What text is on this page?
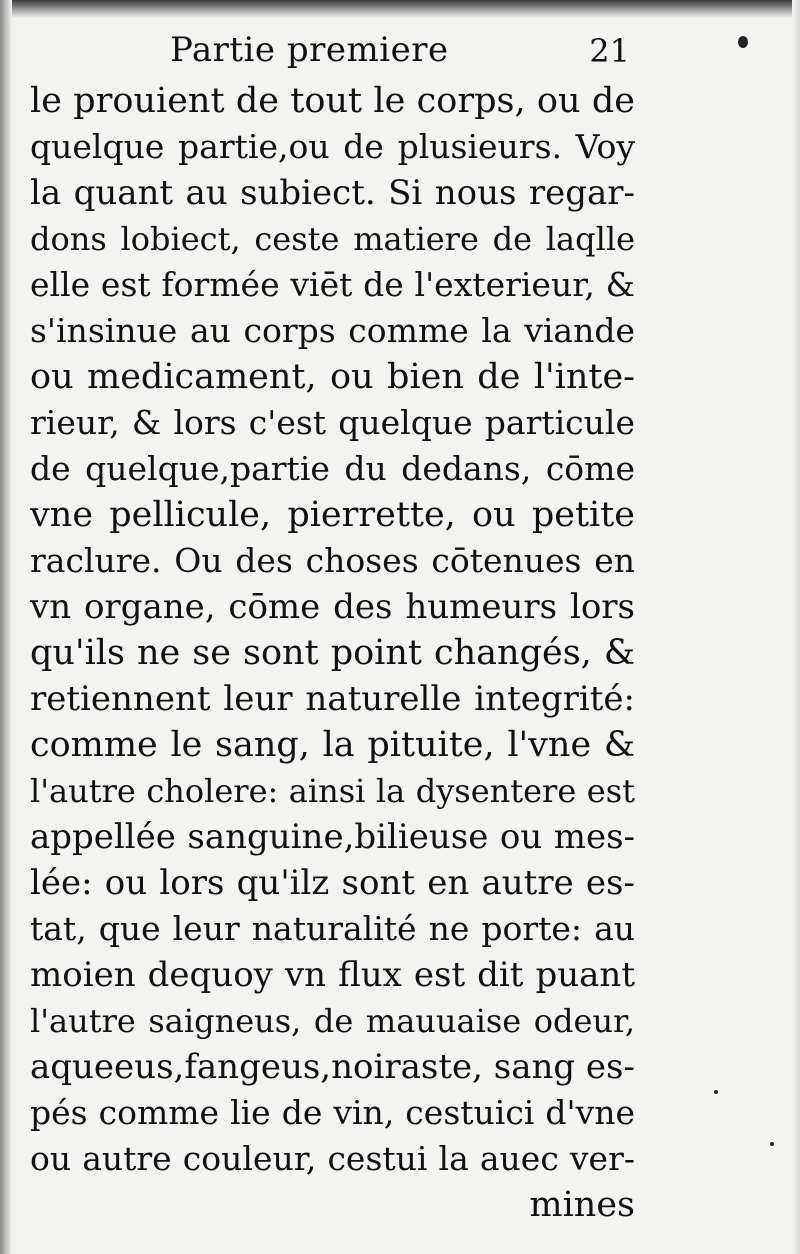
Partie premiere	21
le prouient de tout le corps, ou de
quelque partie,ou de plusieurs. Voy
la quant au subiect. Si nous regar-
dons lobiect, ceste matiere de laqlle
elle est formée viēt de l'exterieur, &
s'insinue au corps comme la viande
ou medicament, ou bien de l'inte-
rieur, & lors c'est quelque particule
de quelque,partie du dedans, cōme
vne pellicule, pierrette, ou petite
raclure. Ou des choses cōtenues en
vn organe, cōme des humeurs lors
qu'ils ne se sont point changés, &
retiennent leur naturelle integrité:
comme le sang, la pituite, l'vne &
l'autre cholere: ainsi la dysentere est
appellée sanguine,bilieuse ou mes-
lée: ou lors qu'ilz sont en autre es-
tat, que leur naturalité ne porte: au
moien dequoy vn flux est dit puant
l'autre saigneus, de mauuaise odeur,
aqueeus,fangeus,noiraste, sang es-
pés comme lie de vin, cestuici d'vne
ou autre couleur, cestui la auec ver-
mines
